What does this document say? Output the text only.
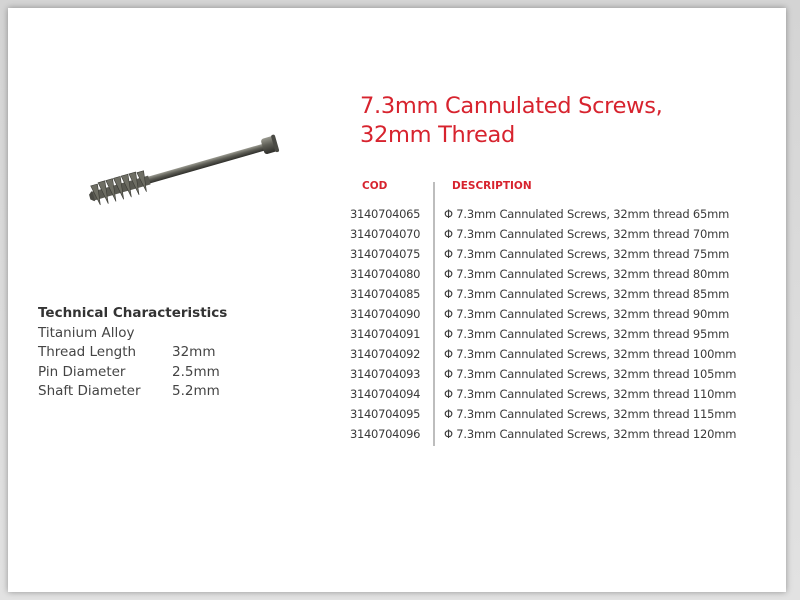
7.3mm Cannulated Screws,
32mm Thread
Technical Characteristics
Titanium Alloy
Thread Length	32mm
Pin Diameter	2.5mm
Shaft Diameter	5.2mm
COD	DESCRIPTION
3140704065	Φ 7.3mm Cannulated Screws, 32mm thread 65mm
3140704070	Φ 7.3mm Cannulated Screws, 32mm thread 70mm
3140704075	Φ 7.3mm Cannulated Screws, 32mm thread 75mm
3140704080	Φ 7.3mm Cannulated Screws, 32mm thread 80mm
3140704085	Φ 7.3mm Cannulated Screws, 32mm thread 85mm
3140704090	Φ 7.3mm Cannulated Screws, 32mm thread 90mm
3140704091	Φ 7.3mm Cannulated Screws, 32mm thread 95mm
3140704092	Φ 7.3mm Cannulated Screws, 32mm thread 100mm
3140704093	Φ 7.3mm Cannulated Screws, 32mm thread 105mm
3140704094	Φ 7.3mm Cannulated Screws, 32mm thread 110mm
3140704095	Φ 7.3mm Cannulated Screws, 32mm thread 115mm
3140704096	Φ 7.3mm Cannulated Screws, 32mm thread 120mm
